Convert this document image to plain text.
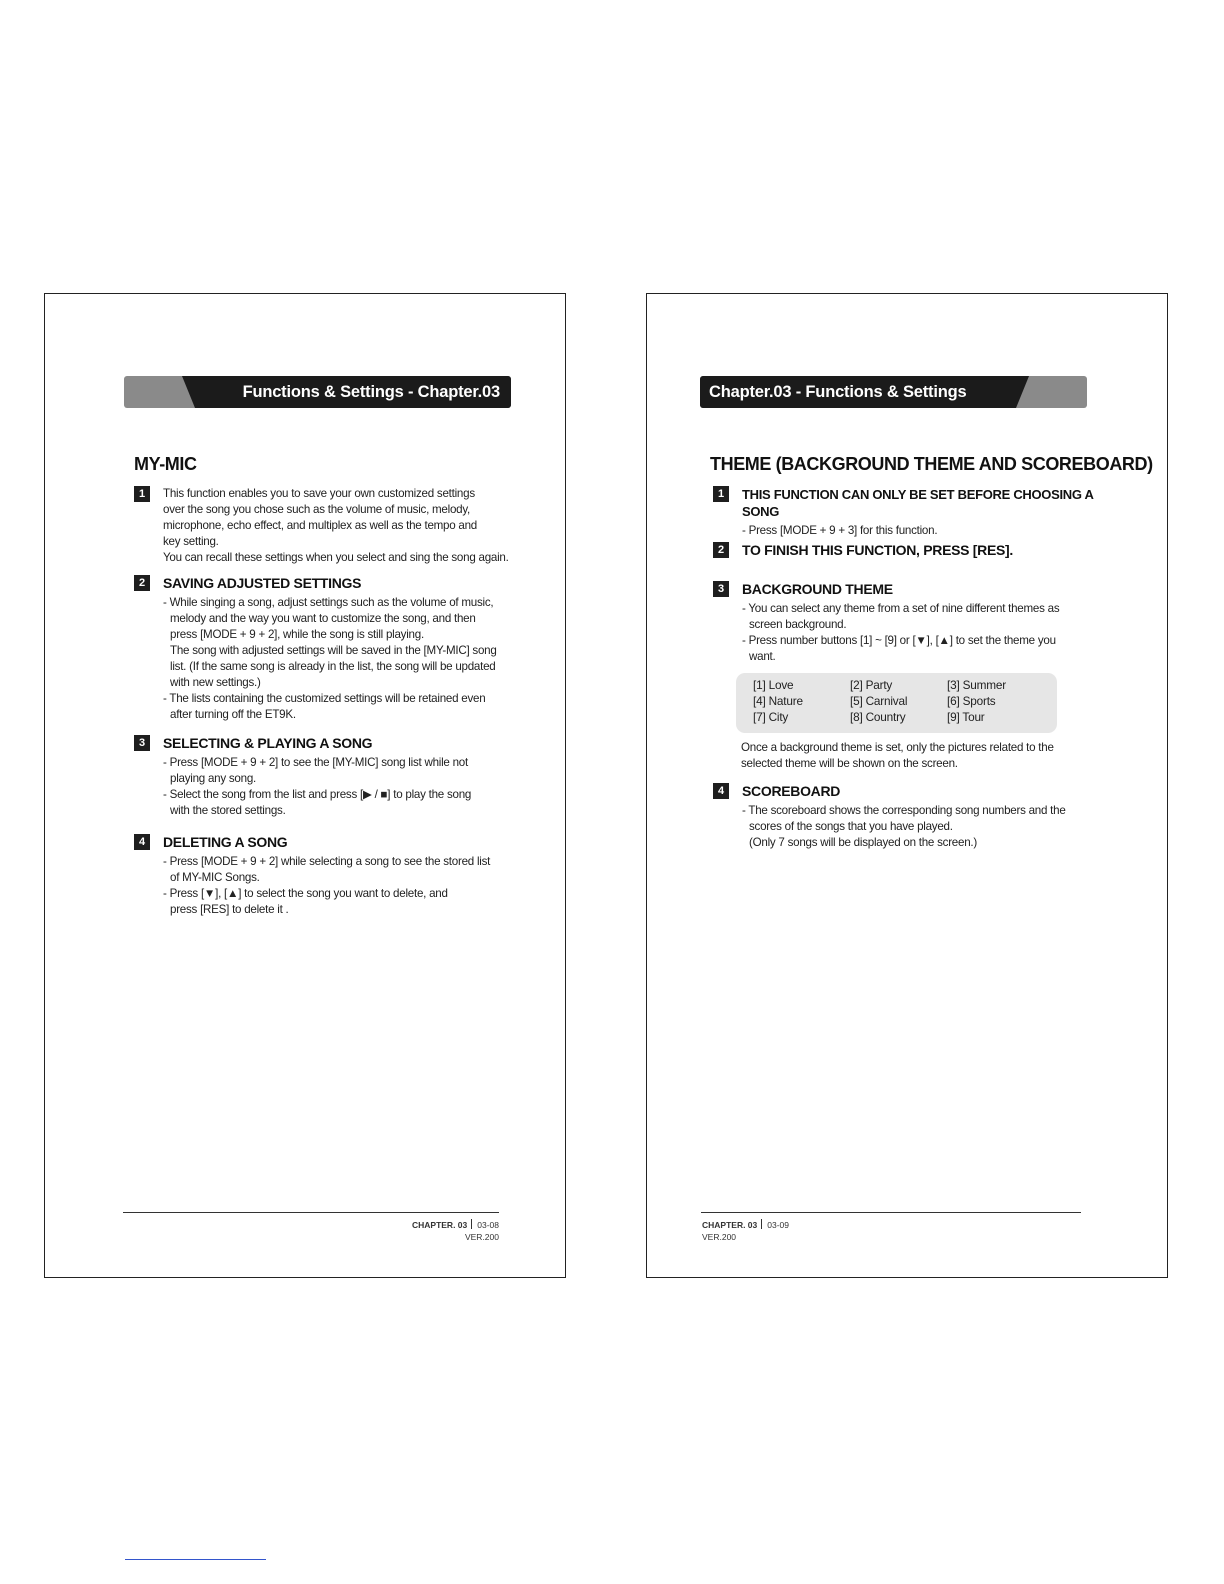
Functions & Settings - Chapter.03
MY-MIC
1	This function enables you to save your own customized settings

over the song you chose such as the volume of music, melody,

microphone, echo effect, and multiplex as well as the tempo and

key setting.

You can recall these settings when you select and sing the song again.

2	SAVING ADJUSTED SETTINGS

- While singing a song, adjust settings such as the volume of music,

melody and the way you want to customize the song, and then

press [MODE + 9 + 2], while the song is still playing.

The song with adjusted settings will be saved in the [MY-MIC] song

list. (If the same song is already in the list, the song will be updated

with new settings.)

- The lists containing the customized settings will be retained even

after turning off the ET9K.

3	SELECTING & PLAYING A SONG

- Press [MODE + 9 + 2] to see the [MY-MIC] song list while not

playing any song.

- Select the song from the list and press [▶ / ■] to play the song

with the stored settings.

4	DELETING A SONG

- Press [MODE + 9 + 2] while selecting a song to see the stored list

of MY-MIC Songs.

- Press [▼], [▲] to select the song you want to delete, and

press [RES] to delete it .

CHAPTER. 03 03-08
VER.200
Chapter.03 - Functions & Settings
THEME (BACKGROUND THEME AND SCOREBOARD)
1	THIS FUNCTION CAN ONLY BE SET BEFORE CHOOSING A SONG

- Press [MODE + 9 + 3] for this function.

2	TO FINISH THIS FUNCTION, PRESS [RES].
3	BACKGROUND THEME

- You can select any theme from a set of nine different themes as

screen background.

- Press number buttons [1] ~ [9] or [▼], [▲] to set the theme you

want.

[1] Love	[2] Party	[3] Summer
[4] Nature	[5] Carnival	[6] Sports
[7] City	[8] Country	[9] Tour

Once a background theme is set, only the pictures related to the

selected theme will be shown on the screen.

4	SCOREBOARD

- The scoreboard shows the corresponding song numbers and the

scores of the songs that you have played.

(Only 7 songs will be displayed on the screen.)

CHAPTER. 03 03-09
VER.200
